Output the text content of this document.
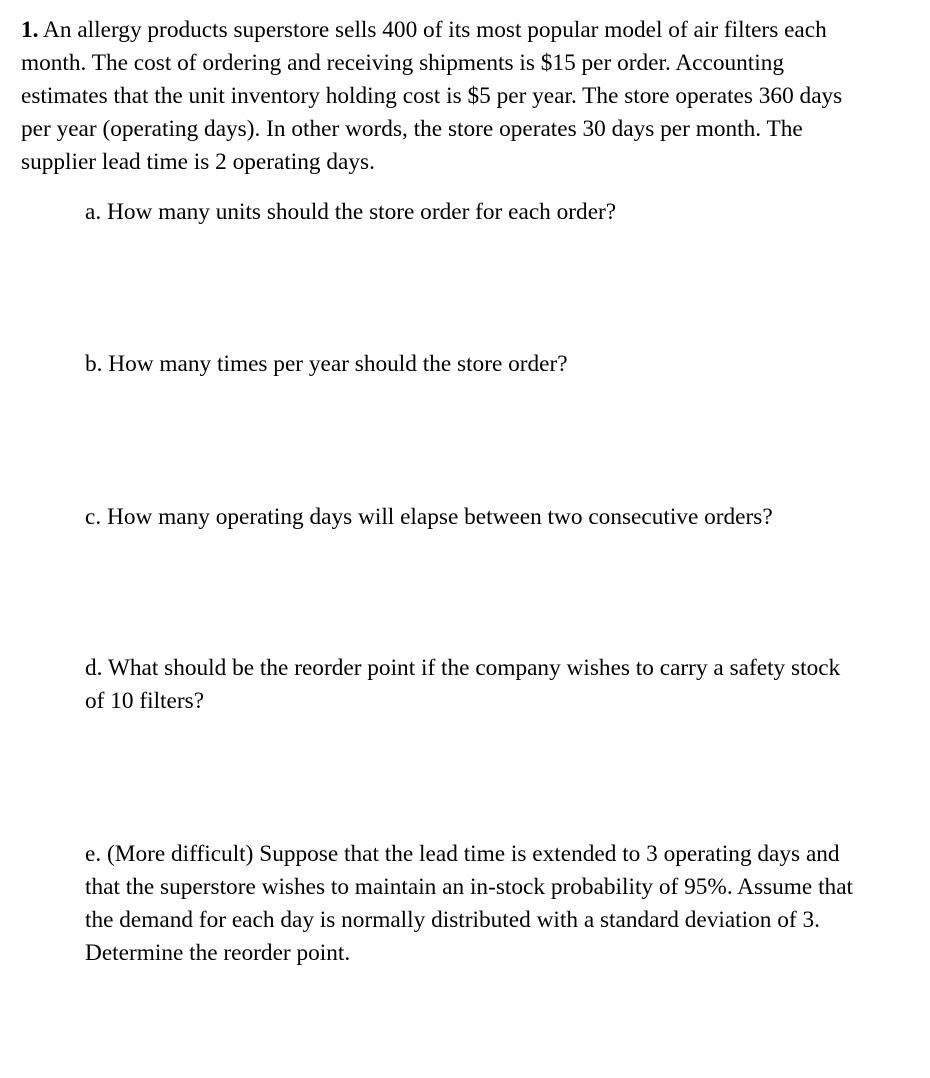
1. An allergy products superstore sells 400 of its most popular model of air filters each month. The cost of ordering and receiving shipments is $15 per order. Accounting estimates that the unit inventory holding cost is $5 per year. The store operates 360 days per year (operating days). In other words, the store operates 30 days per month. The supplier lead time is 2 operating days.

a. How many units should the store order for each order?

b. How many times per year should the store order?

c. How many operating days will elapse between two consecutive orders?

d. What should be the reorder point if the company wishes to carry a safety stock of 10 filters?

e. (More difficult) Suppose that the lead time is extended to 3 operating days and that the superstore wishes to maintain an in-stock probability of 95%. Assume that the demand for each day is normally distributed with a standard deviation of 3. Determine the reorder point.
